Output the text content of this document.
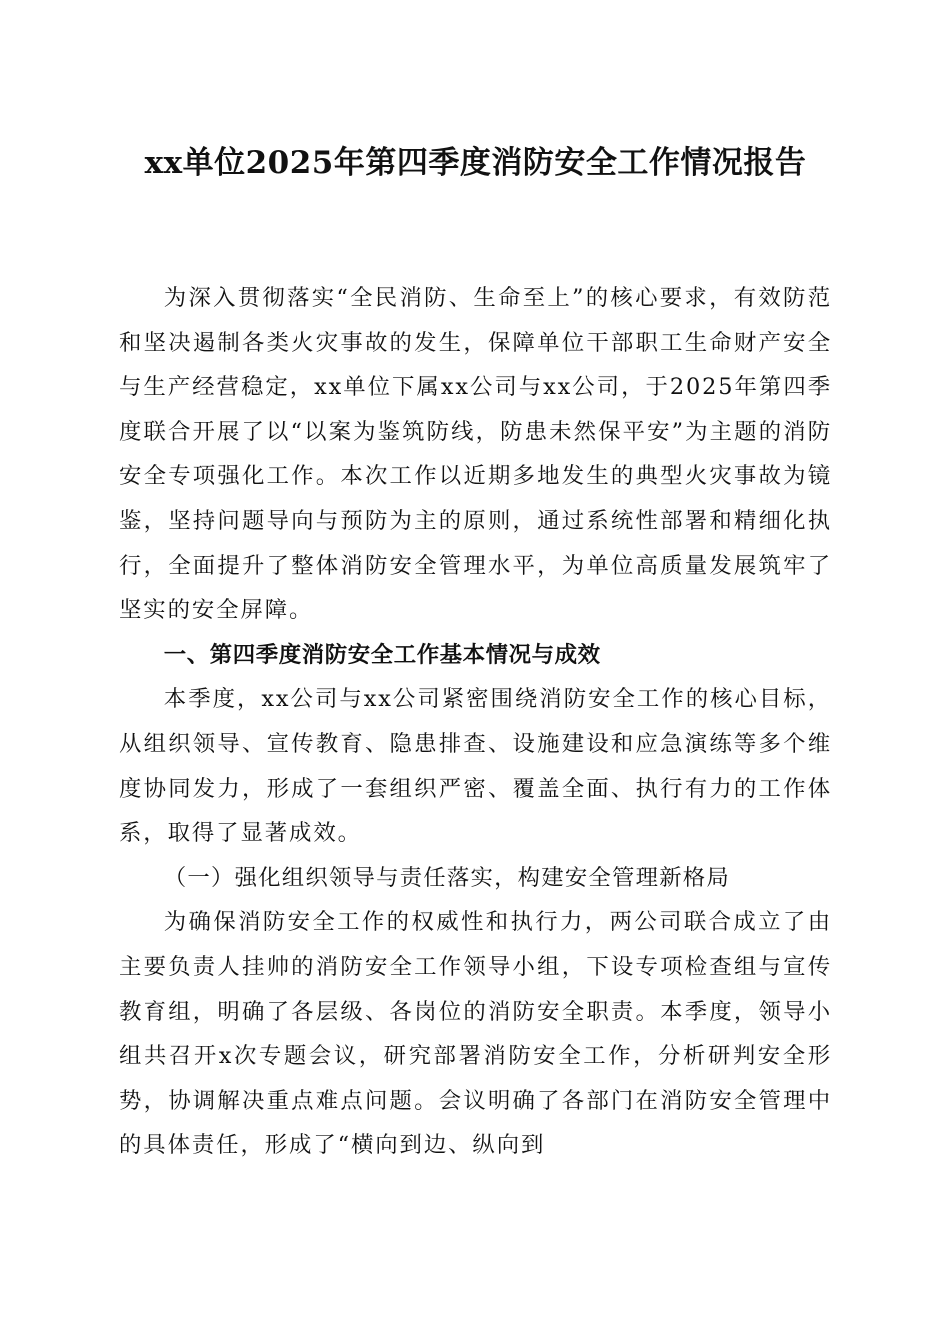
xx单位2025年第四季度消防安全工作情况报告

为深入贯彻落实“全民消防、生命至上”的核心要求，有效防范和坚决遏制各类火灾事故的发生，保障单位干部职工生命财产安全与生产经营稳定，xx单位下属xx公司与xx公司，于2025年第四季度联合开展了以“以案为鉴筑防线，防患未然保平安”为主题的消防安全专项强化工作。本次工作以近期多地发生的典型火灾事故为镜鉴，坚持问题导向与预防为主的原则，通过系统性部署和精细化执行，全面提升了整体消防安全管理水平，为单位高质量发展筑牢了坚实的安全屏障。

一、第四季度消防安全工作基本情况与成效

本季度，xx公司与xx公司紧密围绕消防安全工作的核心目标，从组织领导、宣传教育、隐患排查、设施建设和应急演练等多个维度协同发力，形成了一套组织严密、覆盖全面、执行有力的工作体系，取得了显著成效。

（一）强化组织领导与责任落实，构建安全管理新格局

为确保消防安全工作的权威性和执行力，两公司联合成立了由主要负责人挂帅的消防安全工作领导小组，下设专项检查组与宣传教育组，明确了各层级、各岗位的消防安全职责。本季度，领导小组共召开x次专题会议，研究部署消防安全工作，分析研判安全形势，协调解决重点难点问题。会议明确了各部门在消防安全管理中的具体责任，形成了“横向到边、纵向到
